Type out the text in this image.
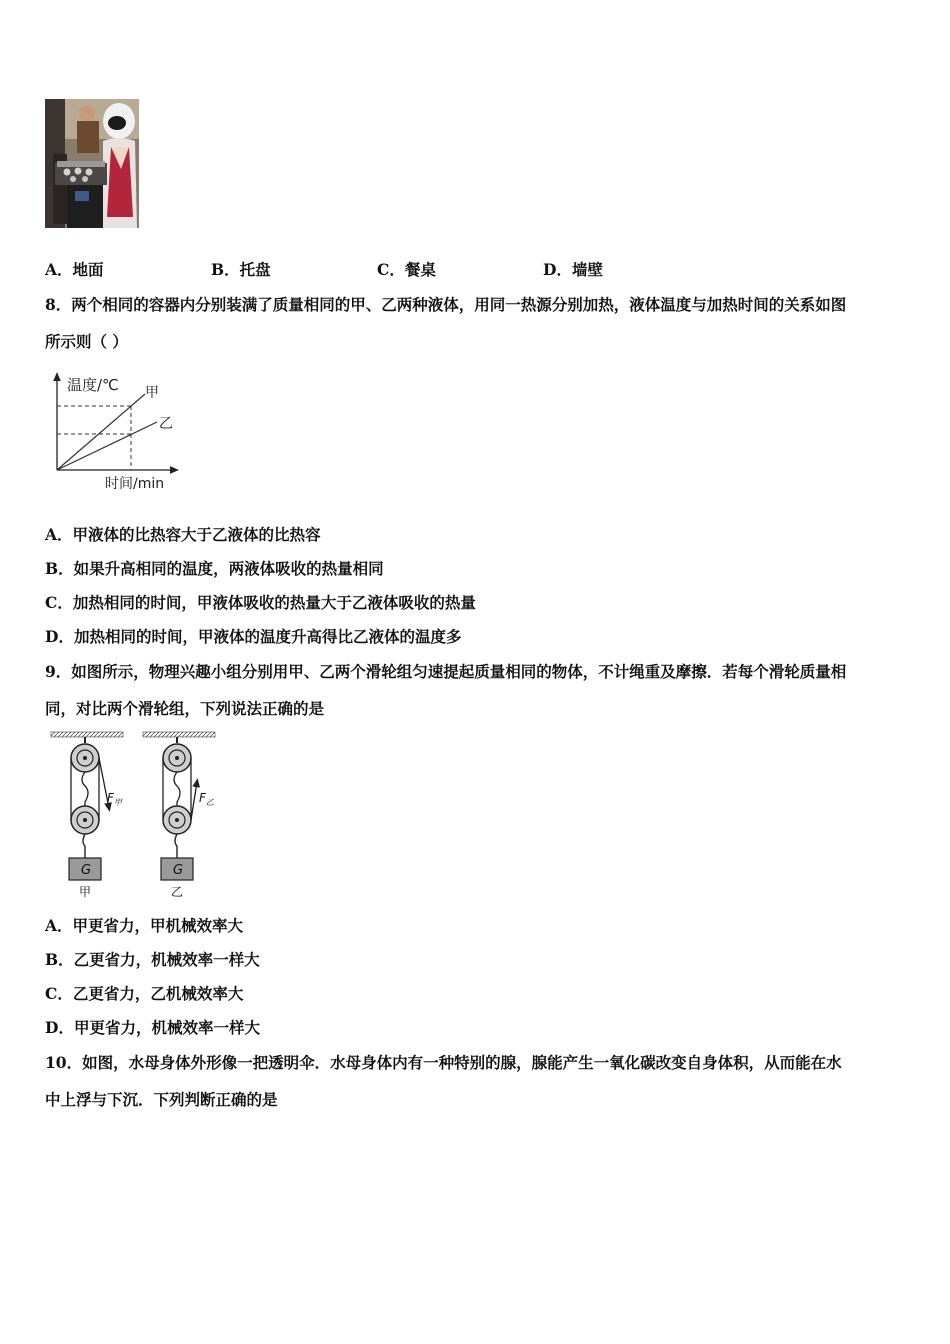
A．地面	B．托盘	C．餐桌	D．墙壁
8．两个相同的容器内分别装满了质量相同的甲、乙两种液体，用同一热源分别加热，液体温度与加热时间的关系如图
所示则（ ）
温度/℃ 甲
乙
时间/min
A．甲液体的比热容大于乙液体的比热容
B．如果升高相同的温度，两液体吸收的热量相同
C．加热相同的时间，甲液体吸收的热量大于乙液体吸收的热量
D．加热相同的时间，甲液体的温度升高得比乙液体的温度多
9．如图所示，物理兴趣小组分别用甲、乙两个滑轮组匀速提起质量相同的物体，不计绳重及摩擦．若每个滑轮质量相
同，对比两个滑轮组，下列说法正确的是
G
$F_甲$
甲
G
$F_乙$
乙
A．甲更省力，甲机械效率大
B．乙更省力，机械效率一样大
C．乙更省力，乙机械效率大
D．甲更省力，机械效率一样大
10．如图，水母身体外形像一把透明伞．水母身体内有一种特别的腺，腺能产生一氧化碳改变自身体积，从而能在水
中上浮与下沉．下列判断正确的是
